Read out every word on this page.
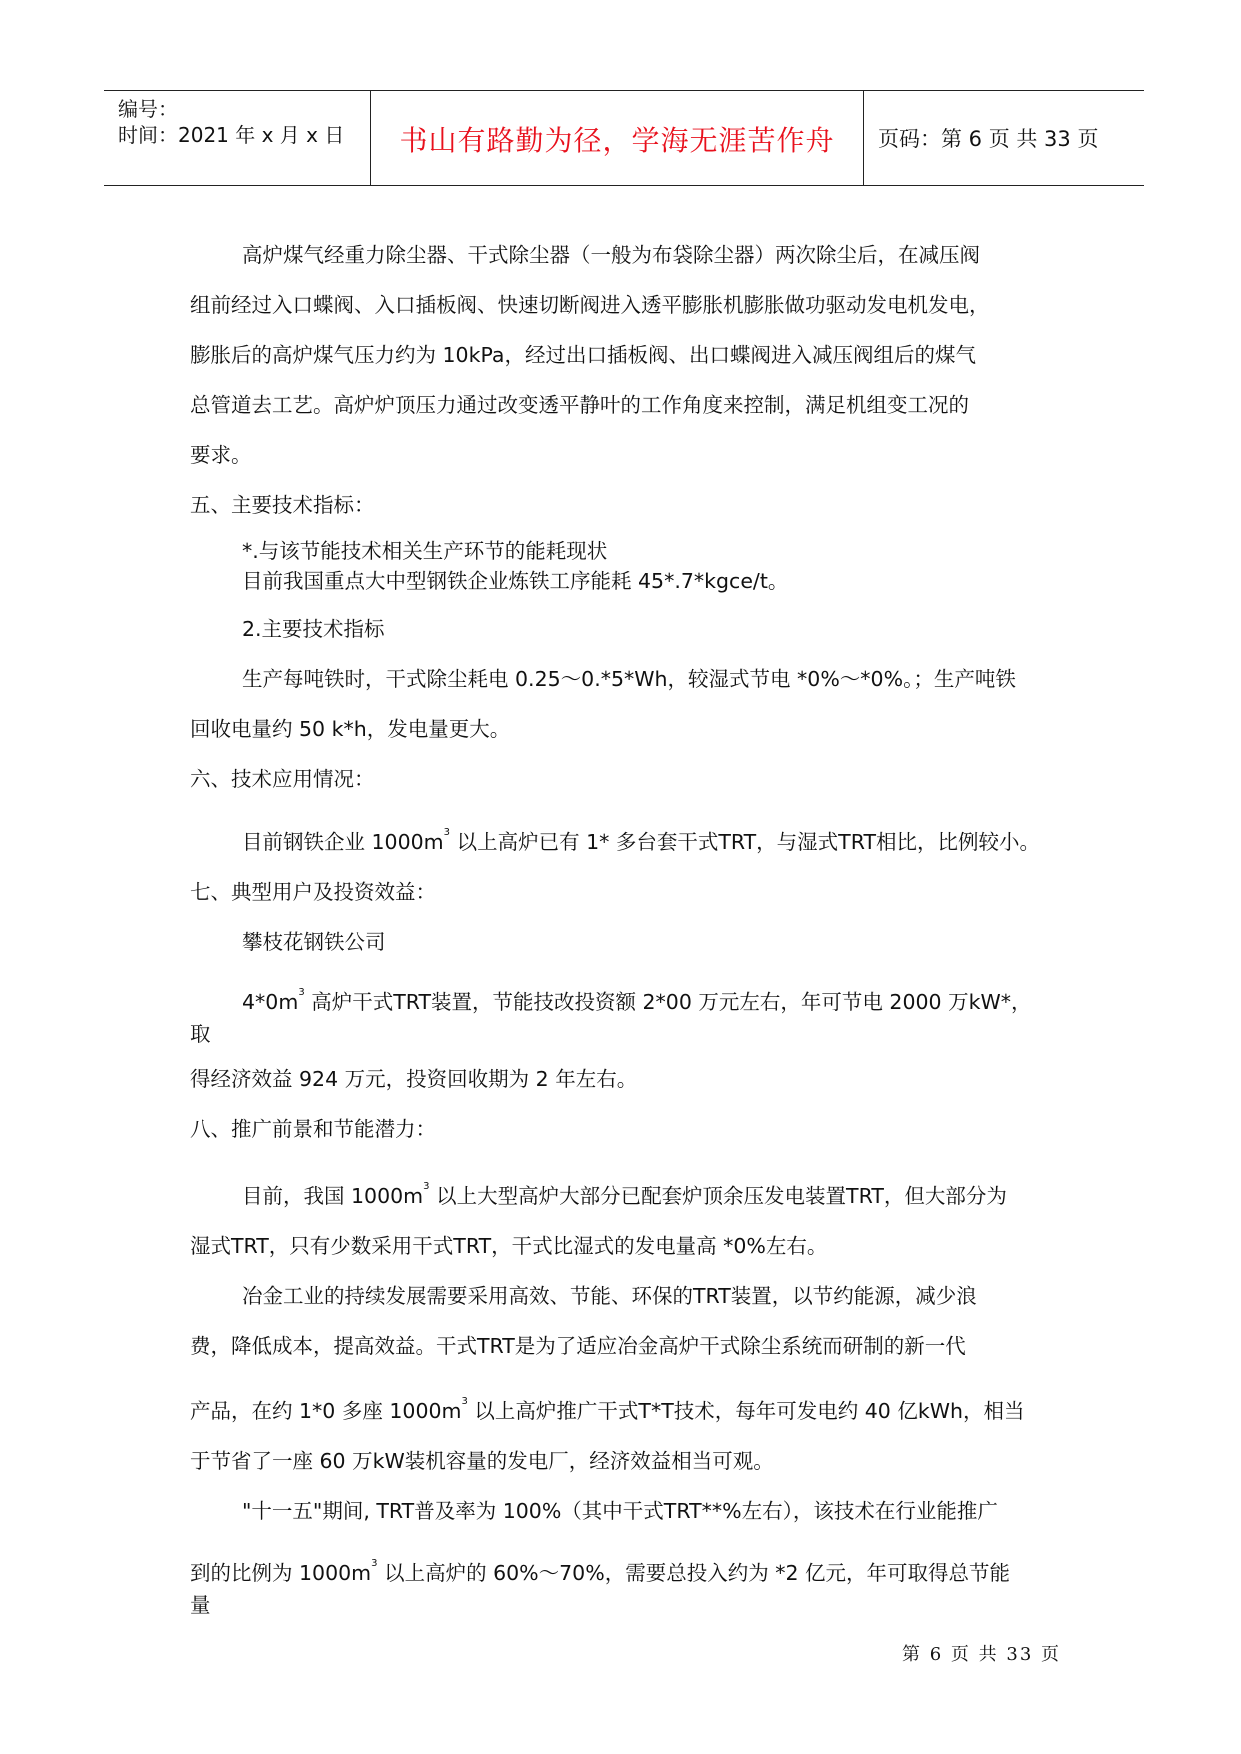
编号：
时间：2021 年 x 月 x 日	书山有路勤为径，学海无涯苦作舟	页码：第 6 页 共 33 页

高炉煤气经重力除尘器、干式除尘器（一般为布袋除尘器）两次除尘后，在减压阀

组前经过入口蝶阀、入口插板阀、快速切断阀进入透平膨胀机膨胀做功驱动发电机发电，

膨胀后的高炉煤气压力约为 10kPa，经过出口插板阀、出口蝶阀进入减压阀组后的煤气

总管道去工艺。高炉炉顶压力通过改变透平静叶的工作角度来控制，满足机组变工况的

要求。

五、主要技术指标：

*.与该节能技术相关生产环节的能耗现状

目前我国重点大中型钢铁企业炼铁工序能耗 45*.7*kgce/t。

2.主要技术指标

生产每吨铁时，干式除尘耗电 0.25～0.*5*Wh，较湿式节电 *0%～*0%。；生产吨铁

回收电量约 50 k*h，发电量更大。

六、技术应用情况：

目前钢铁企业 $1000m^3$ 以上高炉已有 1* 多台套干式TRT，与湿式TRT相比，比例较小。

七、典型用户及投资效益：

攀枝花钢铁公司

$4*0m^3$ 高炉干式TRT装置，节能技改投资额 2*00 万元左右，年可节电 2000 万kW*，

取

得经济效益 924 万元，投资回收期为 2 年左右。

八、推广前景和节能潜力：

目前，我国 $1000m^3$ 以上大型高炉大部分已配套炉顶余压发电装置TRT，但大部分为

湿式TRT，只有少数采用干式TRT，干式比湿式的发电量高 *0%左右。

冶金工业的持续发展需要采用高效、节能、环保的TRT装置，以节约能源，减少浪

费，降低成本，提高效益。干式TRT是为了适应冶金高炉干式除尘系统而研制的新一代

产品，在约 1*0 多座 $1000m^3$ 以上高炉推广干式T*T技术，每年可发电约 40 亿kWh，相当

于节省了一座 60 万kW装机容量的发电厂，经济效益相当可观。

"十一五"期间, TRT普及率为 100%（其中干式TRT**%左右），该技术在行业能推广

到的比例为 $1000m^3$ 以上高炉的 60%～70%，需要总投入约为 *2 亿元，年可取得总节能

量

第 6 页 共 33 页
